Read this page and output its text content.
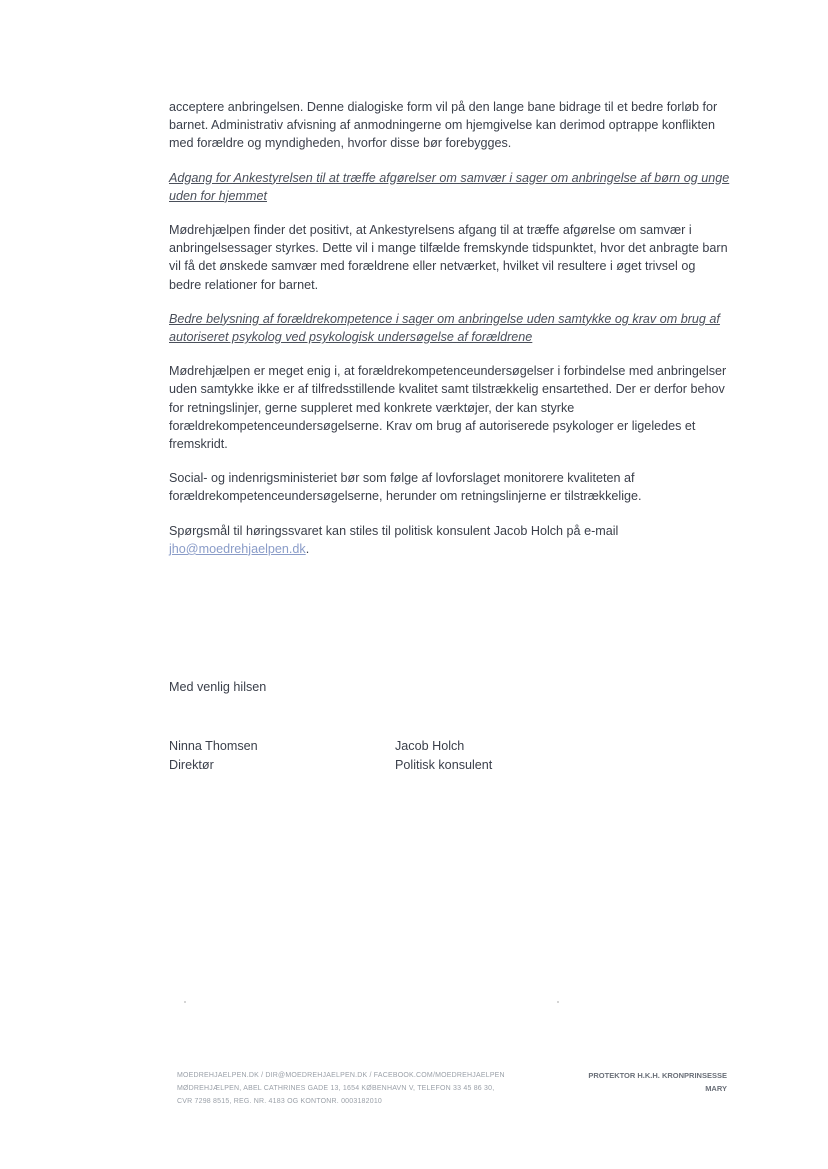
acceptere anbringelsen. Denne dialogiske form vil på den lange bane bidrage til et bedre forløb for barnet. Administrativ afvisning af anmodningerne om hjemgivelse kan derimod optrappe konflikten med forældre og myndigheden, hvorfor disse bør forebygges.

Adgang for Ankestyrelsen til at træffe afgørelser om samvær i sager om anbringelse af børn og unge uden for hjemmet

Mødrehjælpen finder det positivt, at Ankestyrelsens afgang til at træffe afgørelse om samvær i anbringelsessager styrkes. Dette vil i mange tilfælde fremskynde tidspunktet, hvor det anbragte barn vil få det ønskede samvær med forældrene eller netværket, hvilket vil resultere i øget trivsel og bedre relationer for barnet.

Bedre belysning af forældrekompetence i sager om anbringelse uden samtykke og krav om brug af autoriseret psykolog ved psykologisk undersøgelse af forældrene

Mødrehjælpen er meget enig i, at forældrekompetenceundersøgelser i forbindelse med anbringelser uden samtykke ikke er af tilfredsstillende kvalitet samt tilstrækkelig ensartethed. Der er derfor behov for retningslinjer, gerne suppleret med konkrete værktøjer, der kan styrke forældrekompetenceundersøgelserne. Krav om brug af autoriserede psykologer er ligeledes et fremskridt.

Social- og indenrigsministeriet bør som følge af lovforslaget monitorere kvaliteten af forældrekompetenceundersøgelserne, herunder om retningslinjerne er tilstrækkelige.

Spørgsmål til høringssvaret kan stiles til politisk konsulent Jacob Holch på e-mail jho@moedrehjaelpen.dk.

Med venlig hilsen
Ninna Thomsen
Direktør
Jacob Holch
Politisk konsulent
MOEDREHJAELPEN.DK / DIR@MOEDREHJAELPEN.DK / FACEBOOK.COM/MOEDREHJAELPEN
MØDREHJÆLPEN, ABEL CATHRINES GADE 13, 1654 KØBENHAVN V, TELEFON 33 45 86 30,
CVR 7298 8515, REG. NR. 4183 OG KONTONR. 0003182010
PROTEKTOR H.K.H. KRONPRINSESSE
MARY
